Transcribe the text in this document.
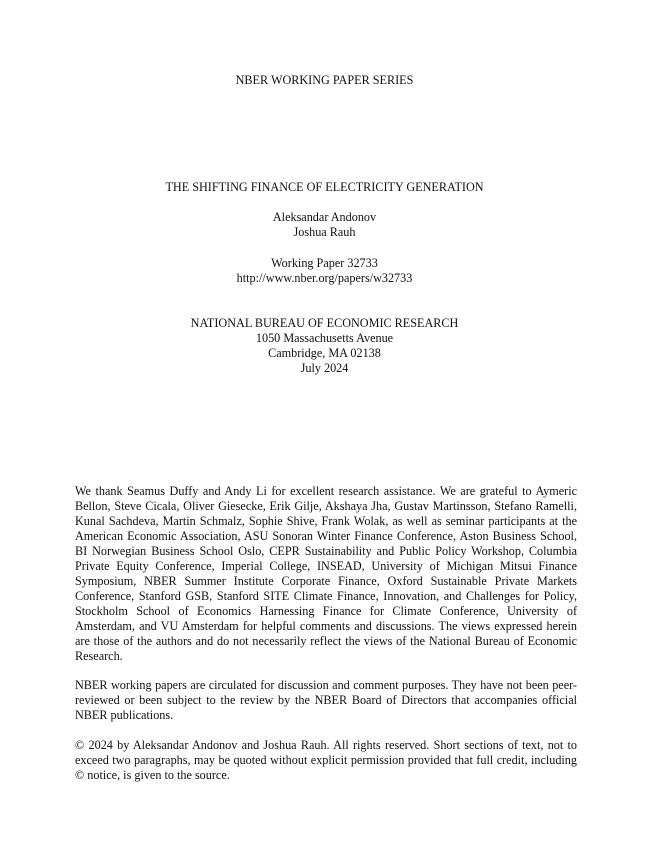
NBER WORKING PAPER SERIES
THE SHIFTING FINANCE OF ELECTRICITY GENERATION
Aleksandar Andonov
Joshua Rauh
Working Paper 32733
http://www.nber.org/papers/w32733
NATIONAL BUREAU OF ECONOMIC RESEARCH
1050 Massachusetts Avenue
Cambridge, MA 02138
July 2024

We thank Seamus Duffy and Andy Li for excellent research assistance. We are grateful to Aymeric Bellon, Steve Cicala, Oliver Giesecke, Erik Gilje, Akshaya Jha, Gustav Martinsson, Stefano Ramelli, Kunal Sachdeva, Martin Schmalz, Sophie Shive, Frank Wolak, as well as seminar participants at the American Economic Association, ASU Sonoran Winter Finance Conference, Aston Business School, BI Norwegian Business School Oslo, CEPR Sustainability and Public Policy Workshop, Columbia Private Equity Conference, Imperial College, INSEAD, University of Michigan Mitsui Finance Symposium, NBER Summer Institute Corporate Finance, Oxford Sustainable Private Markets Conference, Stanford GSB, Stanford SITE Climate Finance, Innovation, and Challenges for Policy, Stockholm School of Economics Harnessing Finance for Climate Conference, University of Amsterdam, and VU Amsterdam for helpful comments and discussions. The views expressed herein are those of the authors and do not necessarily reflect the views of the National Bureau of Economic Research.

NBER working papers are circulated for discussion and comment purposes. They have not been peer-reviewed or been subject to the review by the NBER Board of Directors that accompanies official NBER publications.

© 2024 by Aleksandar Andonov and Joshua Rauh. All rights reserved. Short sections of text, not to exceed two paragraphs, may be quoted without explicit permission provided that full credit, including © notice, is given to the source.
